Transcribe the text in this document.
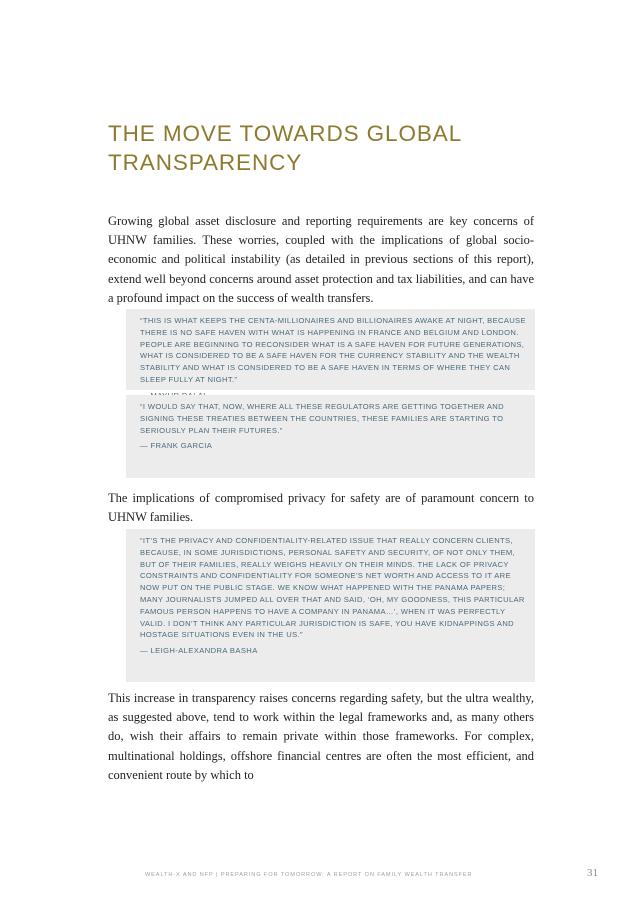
THE MOVE TOWARDS GLOBAL TRANSPARENCY

Growing global asset disclosure and reporting requirements are key concerns of UHNW families. These worries, coupled with the implications of global socio-economic and political instability (as detailed in previous sections of this report), extend well beyond concerns around asset protection and tax liabilities, and can have a profound impact on the success of wealth transfers.

“THIS IS WHAT KEEPS THE CENTA-MILLIONAIRES AND BILLIONAIRES AWAKE AT NIGHT, BECAUSE THERE IS NO SAFE HAVEN WITH WHAT IS HAPPENING IN FRANCE AND BELGIUM AND LONDON. PEOPLE ARE BEGINNING TO RECONSIDER WHAT IS A SAFE HAVEN FOR FUTURE GENERATIONS, WHAT IS CONSIDERED TO BE A SAFE HAVEN FOR THE CURRENCY STABILITY AND THE WEALTH STABILITY AND WHAT IS CONSIDERED TO BE A SAFE HAVEN IN TERMS OF WHERE THEY CAN SLEEP FULLY AT NIGHT.”

“I WOULD SAY THAT, NOW, WHERE ALL THESE REGULATORS ARE GETTING TOGETHER AND SIGNING THESE TREATIES BETWEEN THE COUNTRIES, THESE FAMILIES ARE STARTING TO SERIOUSLY PLAN THEIR FUTURES.”

— FRANK GARCIA

The implications of compromised privacy for safety are of paramount concern to UHNW families.

“IT’S THE PRIVACY AND CONFIDENTIALITY-RELATED ISSUE THAT REALLY CONCERN CLIENTS, BECAUSE, IN SOME JURISDICTIONS, PERSONAL SAFETY AND SECURITY, OF NOT ONLY THEM, BUT OF THEIR FAMILIES, REALLY WEIGHS HEAVILY ON THEIR MINDS. THE LACK OF PRIVACY CONSTRAINTS AND CONFIDENTIALITY FOR SOMEONE’S NET WORTH AND ACCESS TO IT ARE NOW PUT ON THE PUBLIC STAGE. WE KNOW WHAT HAPPENED WITH THE PANAMA PAPERS; MANY JOURNALISTS JUMPED ALL OVER THAT AND SAID, ‘OH, MY GOODNESS, THIS PARTICULAR FAMOUS PERSON HAPPENS TO HAVE A COMPANY IN PANAMA…’, WHEN IT WAS PERFECTLY VALID. I DON’T THINK ANY PARTICULAR JURISDICTION IS SAFE, YOU HAVE KIDNAPPINGS AND HOSTAGE SITUATIONS EVEN IN THE US.”

— LEIGH-ALEXANDRA BASHA

This increase in transparency raises concerns regarding safety, but the ultra wealthy, as suggested above, tend to work within the legal frameworks and, as many others do, wish their affairs to remain private within those frameworks. For complex, multinational holdings, offshore financial centres are often the most efficient, and convenient route by which to

WEALTH-X AND NFP | PREPARING FOR TOMORROW: A REPORT ON FAMILY WEALTH TRANSFER	31
